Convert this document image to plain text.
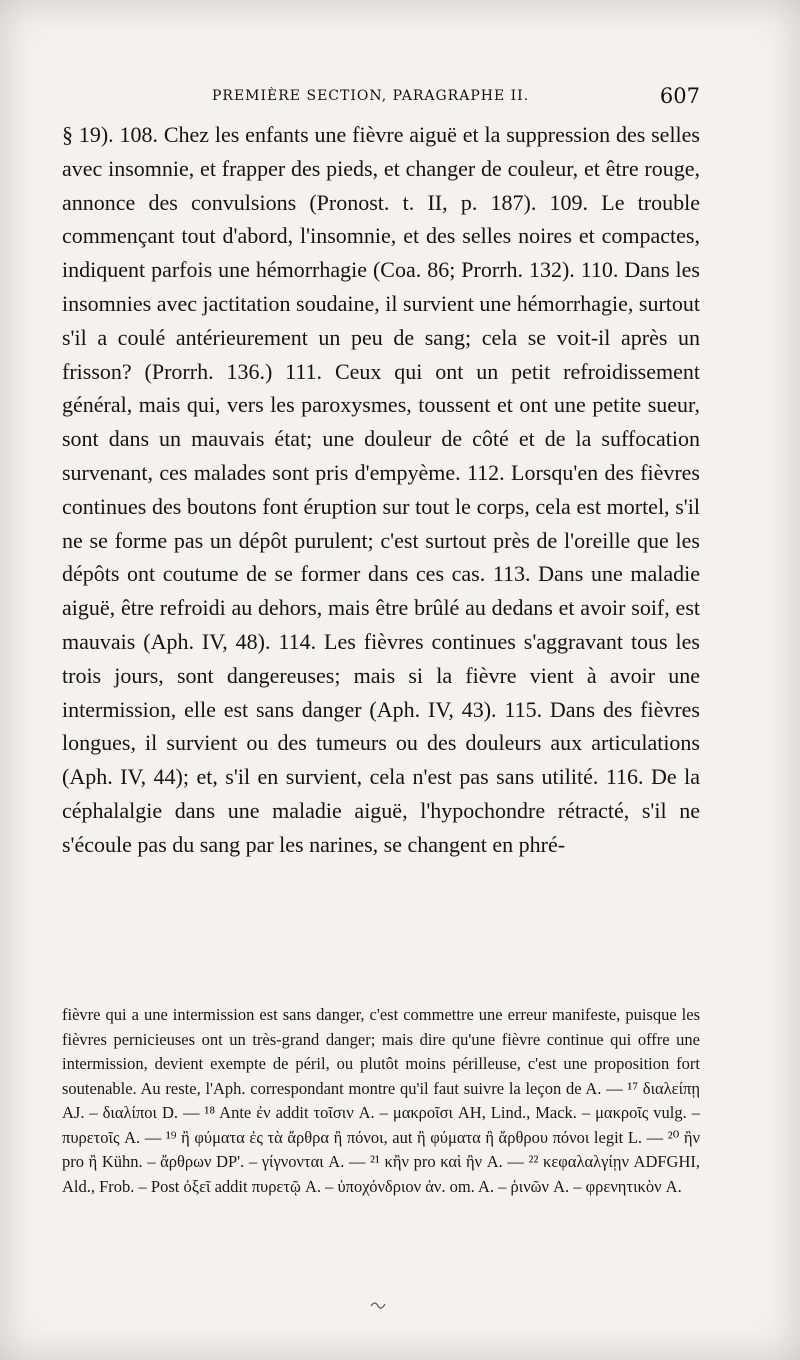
PREMIÈRE SECTION, PARAGRAPHE II.	607

§ 19). 108. Chez les enfants une fièvre aiguë et la suppression des selles avec insomnie, et frapper des pieds, et changer de couleur, et être rouge, annonce des convulsions (Pronost. t. II, p. 187). 109. Le trouble commençant tout d'abord, l'insomnie, et des selles noires et compactes, indiquent parfois une hémorrhagie (Coa. 86; Prorrh. 132). 110. Dans les insomnies avec jactitation soudaine, il survient une hémorrhagie, surtout s'il a coulé antérieurement un peu de sang; cela se voit-il après un frisson? (Prorrh. 136.) 111. Ceux qui ont un petit refroidissement général, mais qui, vers les paroxysmes, toussent et ont une petite sueur, sont dans un mauvais état; une douleur de côté et de la suffocation survenant, ces malades sont pris d'empyème. 112. Lorsqu'en des fièvres continues des boutons font éruption sur tout le corps, cela est mortel, s'il ne se forme pas un dépôt purulent; c'est surtout près de l'oreille que les dépôts ont coutume de se former dans ces cas. 113. Dans une maladie aiguë, être refroidi au dehors, mais être brûlé au dedans et avoir soif, est mauvais (Aph. IV, 48). 114. Les fièvres continues s'aggravant tous les trois jours, sont dangereuses; mais si la fièvre vient à avoir une intermission, elle est sans danger (Aph. IV, 43). 115. Dans des fièvres longues, il survient ou des tumeurs ou des douleurs aux articulations (Aph. IV, 44); et, s'il en survient, cela n'est pas sans utilité. 116. De la céphalalgie dans une maladie aiguë, l'hypochondre rétracté, s'il ne s'écoule pas du sang par les narines, se changent en phré-

fièvre qui a une intermission est sans danger, c'est commettre une erreur manifeste, puisque les fièvres pernicieuses ont un très-grand danger; mais dire qu'une fièvre continue qui offre une intermission, devient exempte de péril, ou plutôt moins périlleuse, c'est une proposition fort soutenable. Au reste, l'Aph. correspondant montre qu'il faut suivre la leçon de A. — ¹⁷ διαλείπῃ AJ. – διαλίποι D. — ¹⁸ Ante ἐν addit τοῖσιν A. – μακροῖσι AH, Lind., Mack. – μακροῖς vulg. – πυρετοῖς A. — ¹⁹ ἢ φύματα ἐς τὰ ἄρθρα ἢ πόνοι, aut ἢ φύματα ἢ ἄρθρου πόνοι legit L. — ²⁰ ἢν pro ἢ Kühn. – ἄρθρων DP'. – γίγνονται A. — ²¹ κἢν pro καὶ ἢν A. — ²² κεφαλαλγίῃν ADFGHI, Ald., Frob. – Post ὀξεῖ addit πυρετῷ A. – ὑποχόνδριον ἀν. om. A. – ῥινῶν A. – φρενητικὸν A.
